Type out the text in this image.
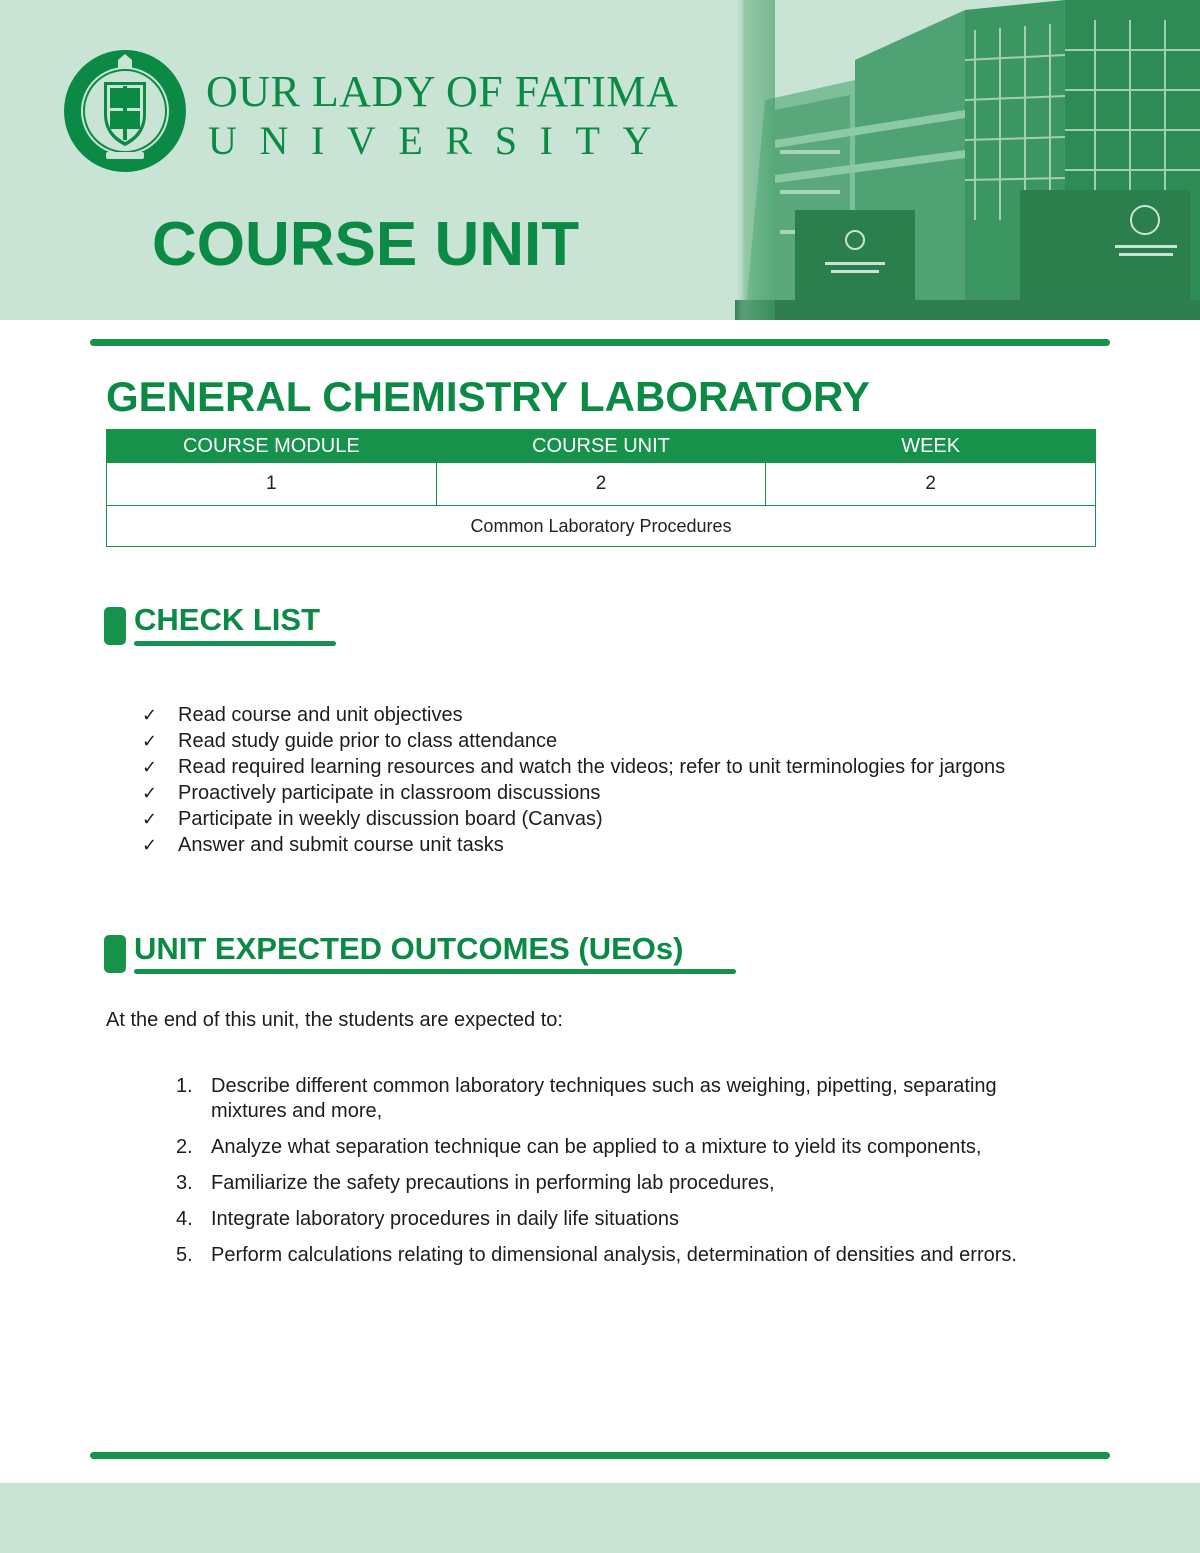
OUR LADY OF FATIMA
UNIVERSITY
COURSE UNIT
GENERAL CHEMISTRY LABORATORY
COURSE MODULE	COURSE UNIT	WEEK
1	2	2
Common Laboratory Procedures		
CHECK LIST
✓	Read course and unit objectives
✓	Read study guide prior to class attendance
✓	Read required learning resources and watch the videos; refer to unit terminologies for jargons
✓	Proactively participate in classroom discussions
✓	Participate in weekly discussion board (Canvas)
✓	Answer and submit course unit tasks
UNIT EXPECTED OUTCOMES (UEOs)
At the end of this unit, the students are expected to:
1. Describe different common laboratory techniques such as weighing, pipetting, separating mixtures and more,
2. Analyze what separation technique can be applied to a mixture to yield its components,
3. Familiarize the safety precautions in performing lab procedures,
4. Integrate laboratory procedures in daily life situations
5. Perform calculations relating to dimensional analysis, determination of densities and errors.
